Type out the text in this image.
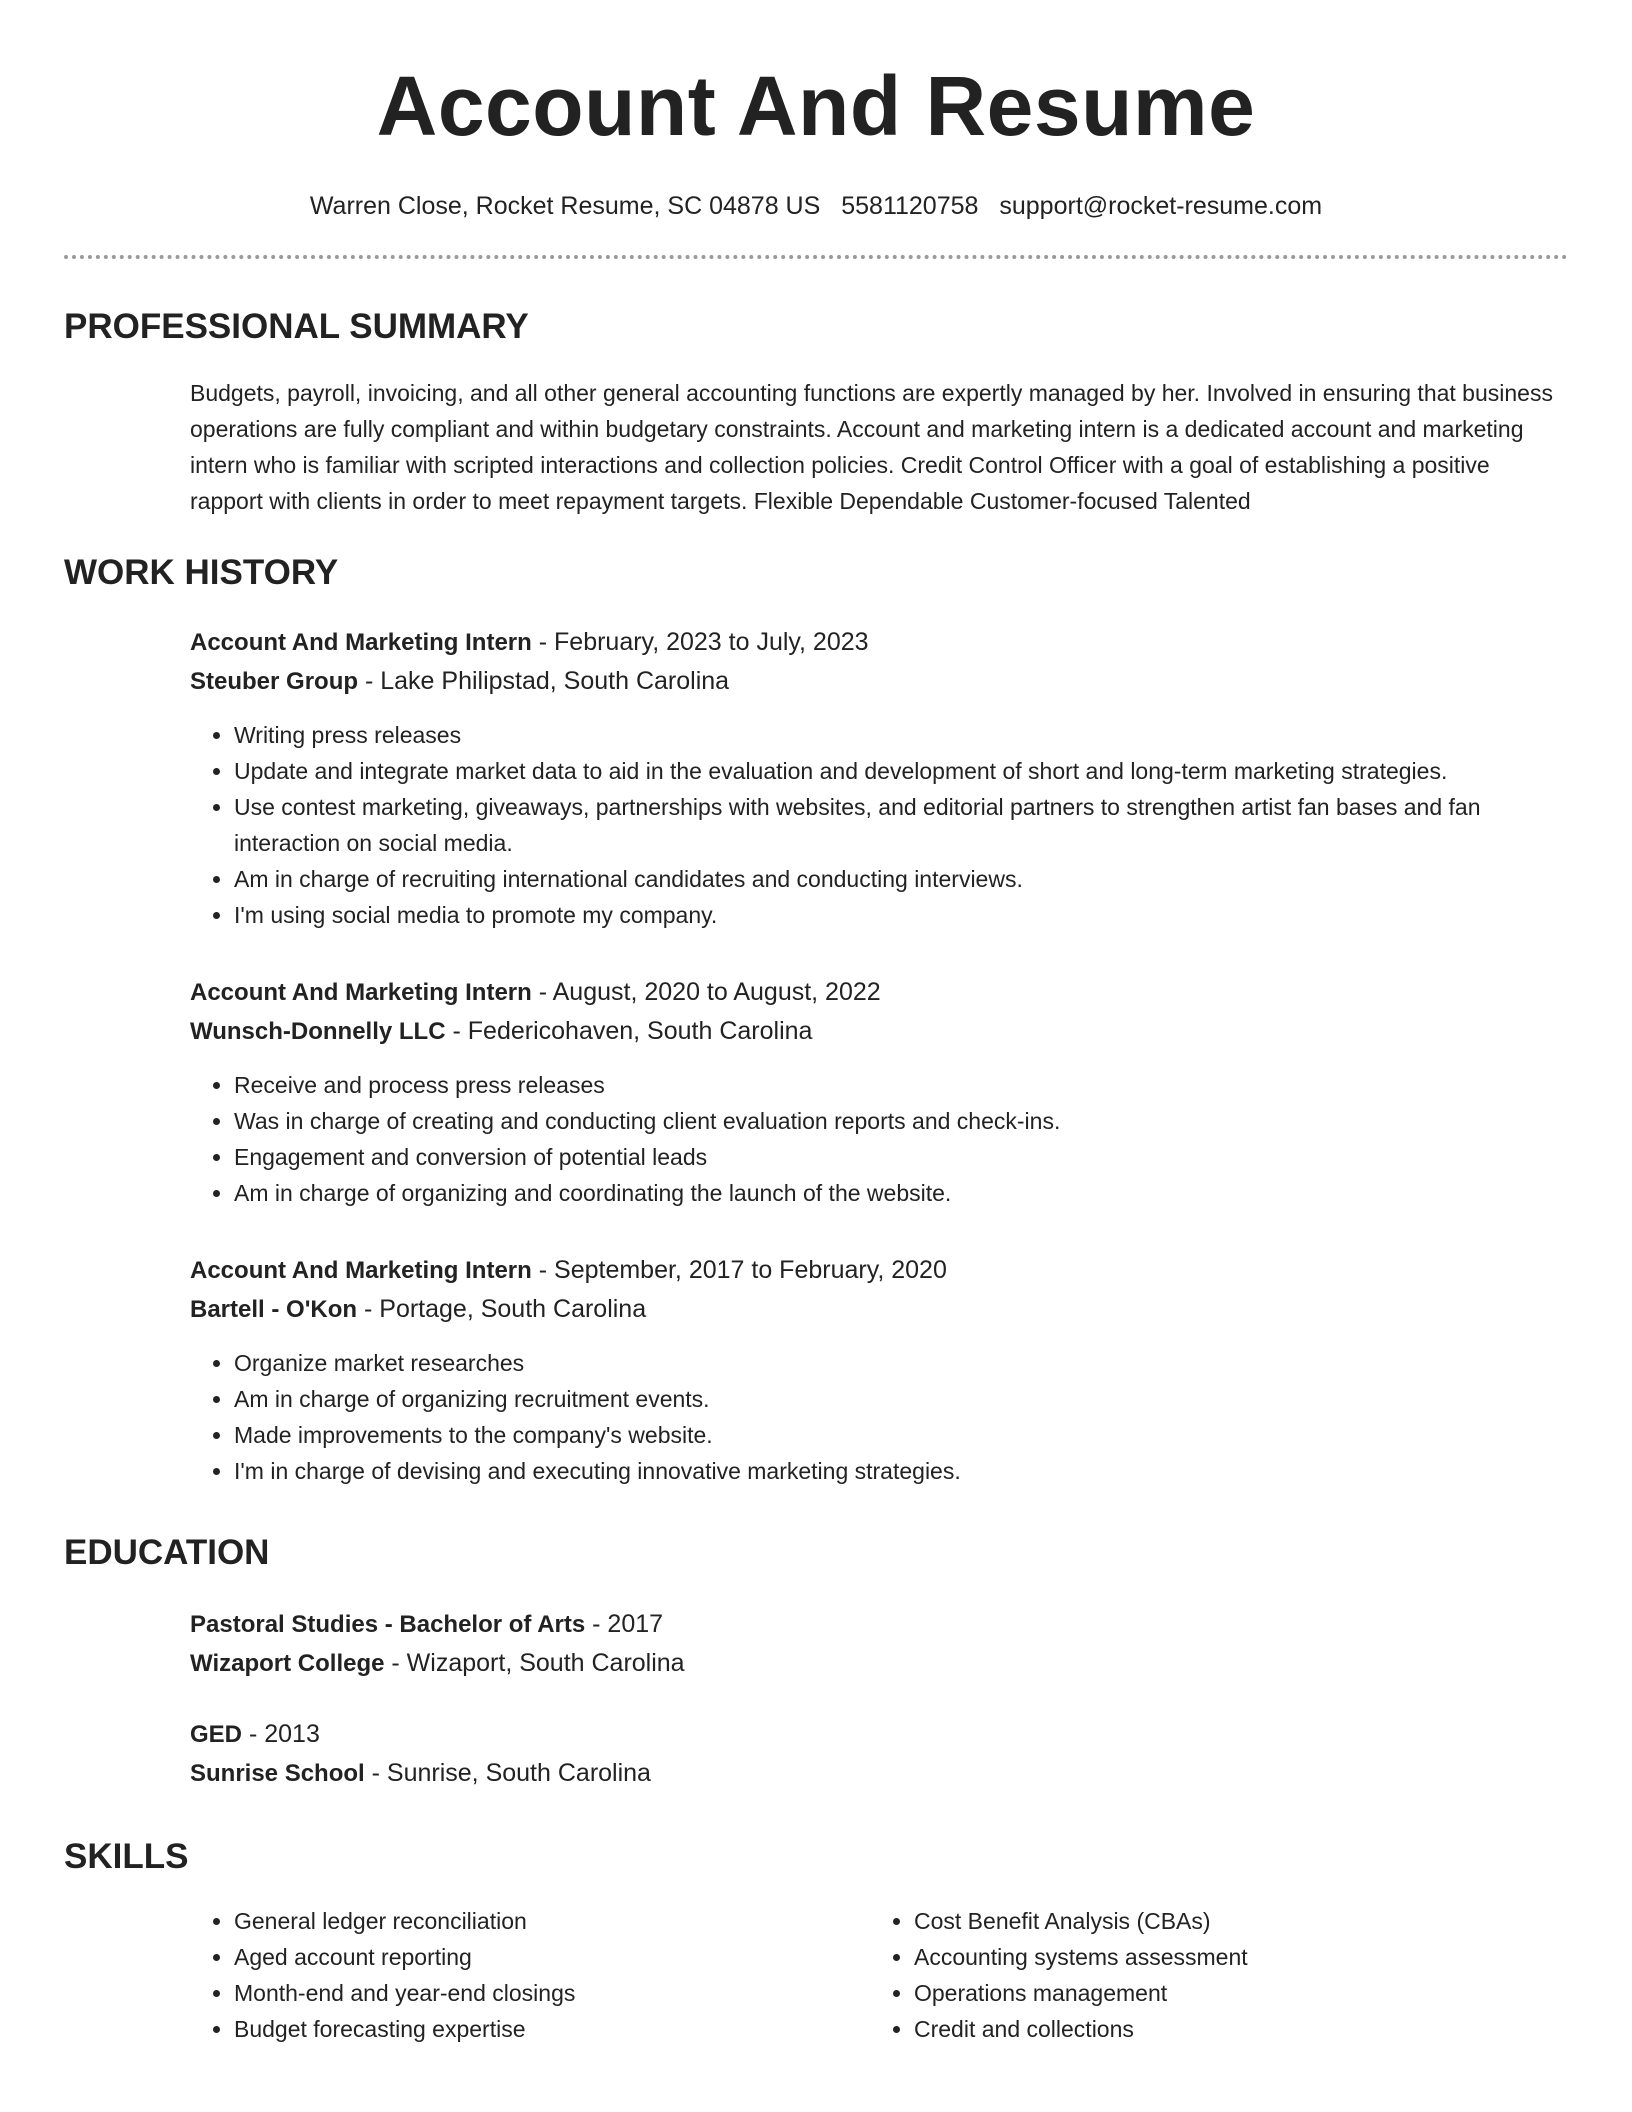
Account And Resume
Warren Close, Rocket Resume, SC 04878 US 5581120758 support@rocket-resume.com
PROFESSIONAL SUMMARY

Budgets, payroll, invoicing, and all other general accounting functions are expertly managed by her. Involved in ensuring that business operations are fully compliant and within budgetary constraints. Account and marketing intern is a dedicated account and marketing intern who is familiar with scripted interactions and collection policies. Credit Control Officer with a goal of establishing a positive rapport with clients in order to meet repayment targets. Flexible Dependable Customer-focused Talented

WORK HISTORY
Account And Marketing Intern - February, 2023 to July, 2023
Steuber Group - Lake Philipstad, South Carolina
• Writing press releases
• Update and integrate market data to aid in the evaluation and development of short and long-term marketing strategies.
• Use contest marketing, giveaways, partnerships with websites, and editorial partners to strengthen artist fan bases and fan interaction on social media.
• Am in charge of recruiting international candidates and conducting interviews.
• I'm using social media to promote my company.
Account And Marketing Intern - August, 2020 to August, 2022
Wunsch-Donnelly LLC - Federicohaven, South Carolina
• Receive and process press releases
• Was in charge of creating and conducting client evaluation reports and check-ins.
• Engagement and conversion of potential leads
• Am in charge of organizing and coordinating the launch of the website.
Account And Marketing Intern - September, 2017 to February, 2020
Bartell - O'Kon - Portage, South Carolina
• Organize market researches
• Am in charge of organizing recruitment events.
• Made improvements to the company's website.
• I'm in charge of devising and executing innovative marketing strategies.
EDUCATION
Pastoral Studies - Bachelor of Arts - 2017
Wizaport College - Wizaport, South Carolina
GED - 2013
Sunrise School - Sunrise, South Carolina
SKILLS
• General ledger reconciliation
• Aged account reporting
• Month-end and year-end closings
• Budget forecasting expertise
• Cost Benefit Analysis (CBAs)
• Accounting systems assessment
• Operations management
• Credit and collections
